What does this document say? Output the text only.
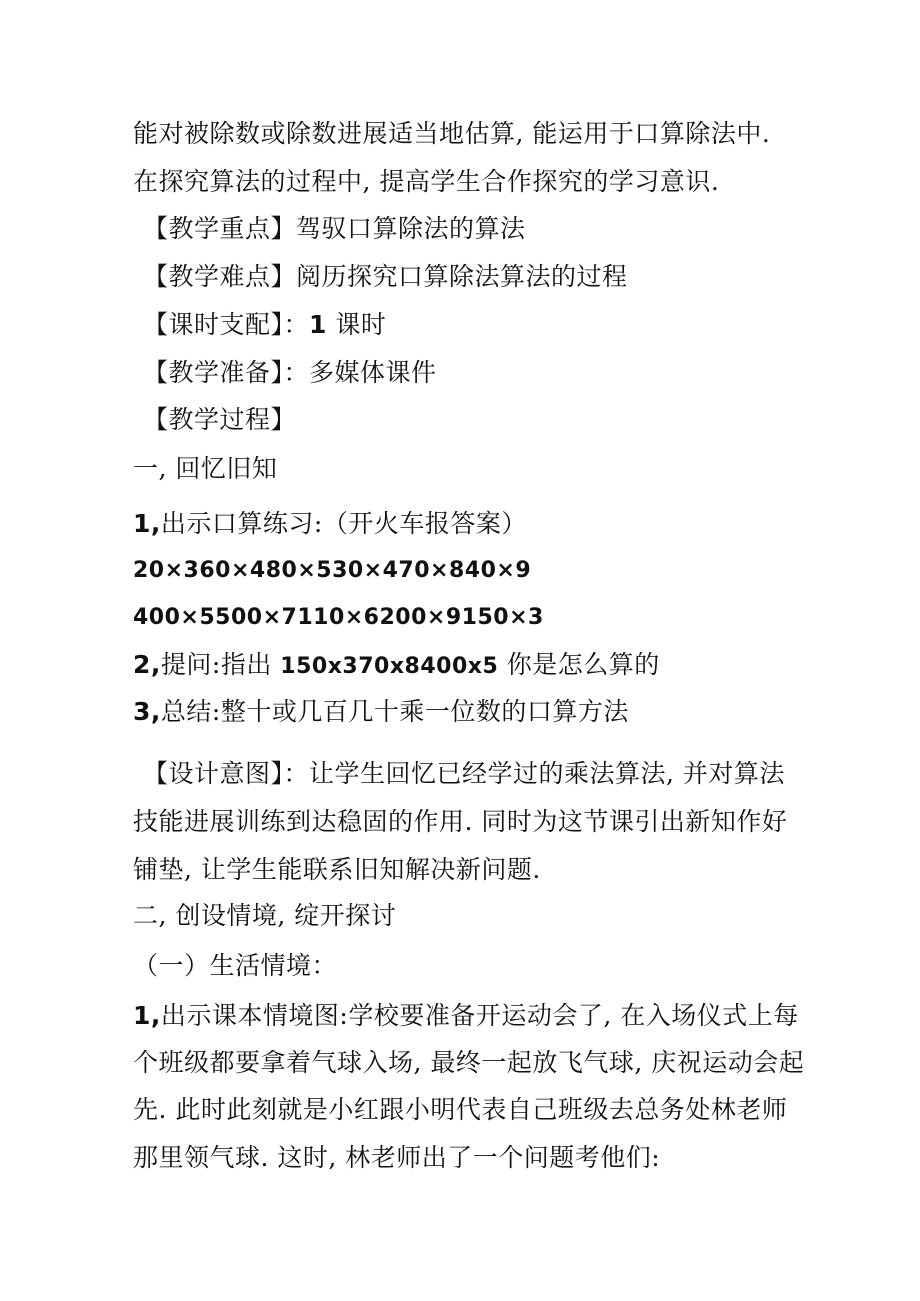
能对被除数或除数进展适当地估算, 能运用于口算除法中.
在探究算法的过程中, 提高学生合作探究的学习意识.
【教学重点】驾驭口算除法的算法
【教学难点】阅历探究口算除法算法的过程
【课时支配】：1 课时
【教学准备】：多媒体课件
【教学过程】
一, 回忆旧知
1,出示口算练习:（开火车报答案）
20×360×480×530×470×840×9
400×5500×7110×6200×9150×3
2,提问:指出 150x370x8400x5 你是怎么算的
3,总结:整十或几百几十乘一位数的口算方法
【设计意图】：让学生回忆已经学过的乘法算法, 并对算法
技能进展训练到达稳固的作用. 同时为这节课引出新知作好
铺垫, 让学生能联系旧知解决新问题.
二, 创设情境, 绽开探讨
（一）生活情境：
1,出示课本情境图:学校要准备开运动会了, 在入场仪式上每
个班级都要拿着气球入场, 最终一起放飞气球, 庆祝运动会起
先. 此时此刻就是小红跟小明代表自己班级去总务处林老师
那里领气球. 这时, 林老师出了一个问题考他们:
